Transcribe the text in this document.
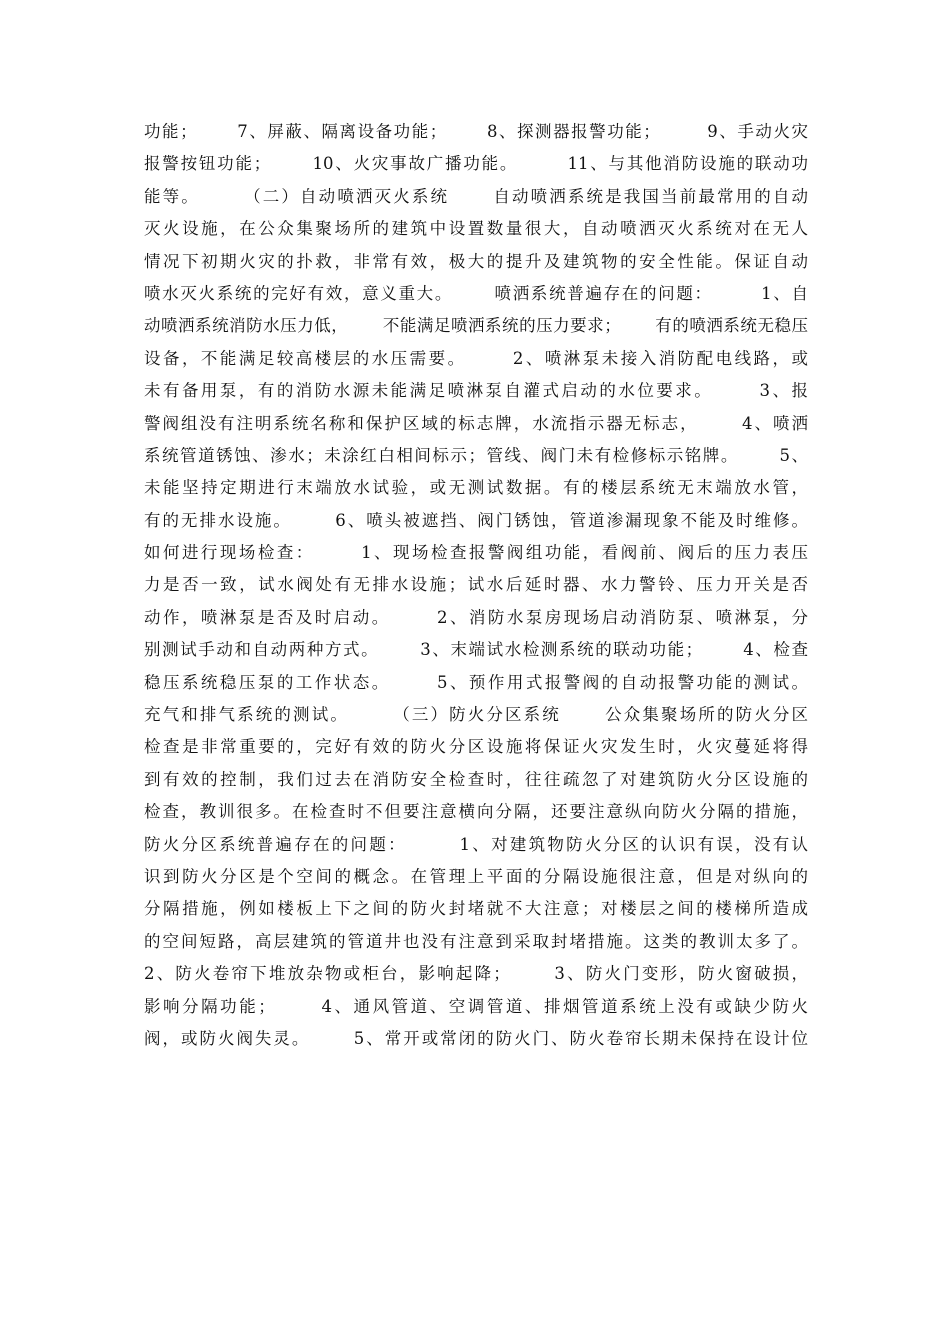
功能；      7、屏蔽、隔离设备功能；      8、探测器报警功能；       9、手动火灾
报警按钮功能；      10、火灾事故广播功能。       11、与其他消防设施的联动功
能等。      （二）自动喷洒灭火系统      自动喷洒系统是我国当前最常用的自动
灭火设施，在公众集聚场所的建筑中设置数量很大，自动喷洒灭火系统对在无人
情况下初期火灾的扑救，非常有效，极大的提升及建筑物的安全性能。保证自动
喷水灭火系统的完好有效，意义重大。      喷洒系统普遍存在的问题：       1、自
动喷洒系统消防水压力低，      不能满足喷洒系统的压力要求；      有的喷洒系统无稳压
设备，不能满足较高楼层的水压需要。      2、喷淋泵未接入消防配电线路，或
未有备用泵，有的消防水源未能满足喷淋泵自灌式启动的水位要求。      3、报
警阀组没有注明系统名称和保护区域的标志牌，水流指示器无标志，      4、喷洒
系统管道锈蚀、渗水；未涂红白相间标示；管线、阀门未有检修标示铭牌。      5、
未能坚持定期进行末端放水试验，或无测试数据。有的楼层系统无末端放水管，
有的无排水设施。      6、喷头被遮挡、阀门锈蚀，管道渗漏现象不能及时维修。
如何进行现场检查：      1、现场检查报警阀组功能，看阀前、阀后的压力表压
力是否一致，试水阀处有无排水设施；试水后延时器、水力警铃、压力开关是否
动作，喷淋泵是否及时启动。      2、消防水泵房现场启动消防泵、喷淋泵，分
别测试手动和自动两种方式。      3、末端试水检测系统的联动功能；      4、检查
稳压系统稳压泵的工作状态。      5、预作用式报警阀的自动报警功能的测试。
充气和排气系统的测试。      （三）防火分区系统      公众集聚场所的防火分区
检查是非常重要的，完好有效的防火分区设施将保证火灾发生时，火灾蔓延将得
到有效的控制，我们过去在消防安全检查时，往往疏忽了对建筑防火分区设施的
检查，教训很多。在检查时不但要注意横向分隔，还要注意纵向防火分隔的措施，
防火分区系统普遍存在的问题：       1、对建筑物防火分区的认识有误，没有认
识到防火分区是个空间的概念。在管理上平面的分隔设施很注意，但是对纵向的
分隔措施，例如楼板上下之间的防火封堵就不大注意；对楼层之间的楼梯所造成
的空间短路，高层建筑的管道井也没有注意到采取封堵措施。这类的教训太多了。
2、防火卷帘下堆放杂物或柜台，影响起降；      3、防火门变形，防火窗破损，
影响分隔功能；      4、通风管道、空调管道、排烟管道系统上没有或缺少防火
阀，或防火阀失灵。      5、常开或常闭的防火门、防火卷帘长期未保持在设计位
